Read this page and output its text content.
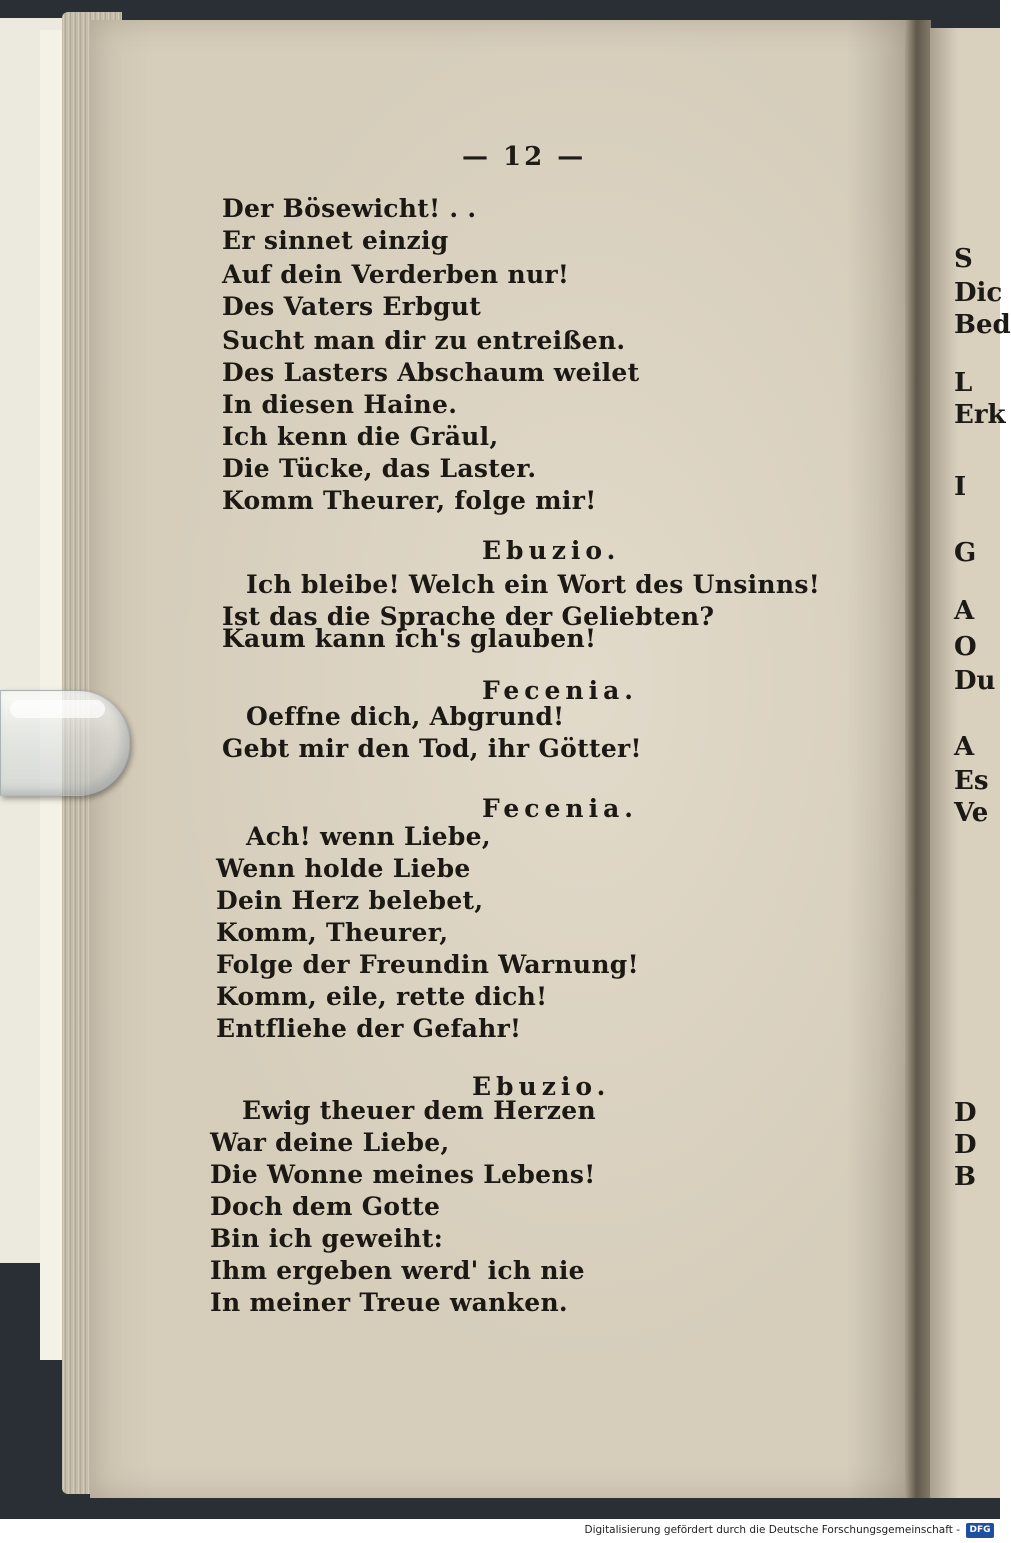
— 12 —

Der Bösewicht! . .

Er sinnet einzig

Auf dein Verderben nur!

Des Vaters Erbgut

Sucht man dir zu entreißen.

Des Lasters Abschaum weilet

In diesen Haine.

Ich kenn die Gräul,

Die Tücke, das Laster.

Komm Theurer, folge mir!

Ebuzio.

Ich bleibe! Welch ein Wort des Unsinns!

Ist das die Sprache der Geliebten?

Kaum kann ich's glauben!

Fecenia.

Oeffne dich, Abgrund!

Gebt mir den Tod, ihr Götter!

Fecenia.

Ach! wenn Liebe,

Wenn holde Liebe

Dein Herz belebet,

Komm, Theurer,

Folge der Freundin Warnung!

Komm, eile, rette dich!

Entfliehe der Gefahr!

Ebuzio.

Ewig theuer dem Herzen

War deine Liebe,

Die Wonne meines Lebens!

Doch dem Gotte

Bin ich geweiht:

Ihm ergeben werd' ich nie

In meiner Treue wanken.

S

Dic

Bed

L

Erk

I

G

A

O

Du

A

Es

Ve

D

D

B

Digitalisierung gefördert durch die Deutsche Forschungsgemeinschaft -	DFG
